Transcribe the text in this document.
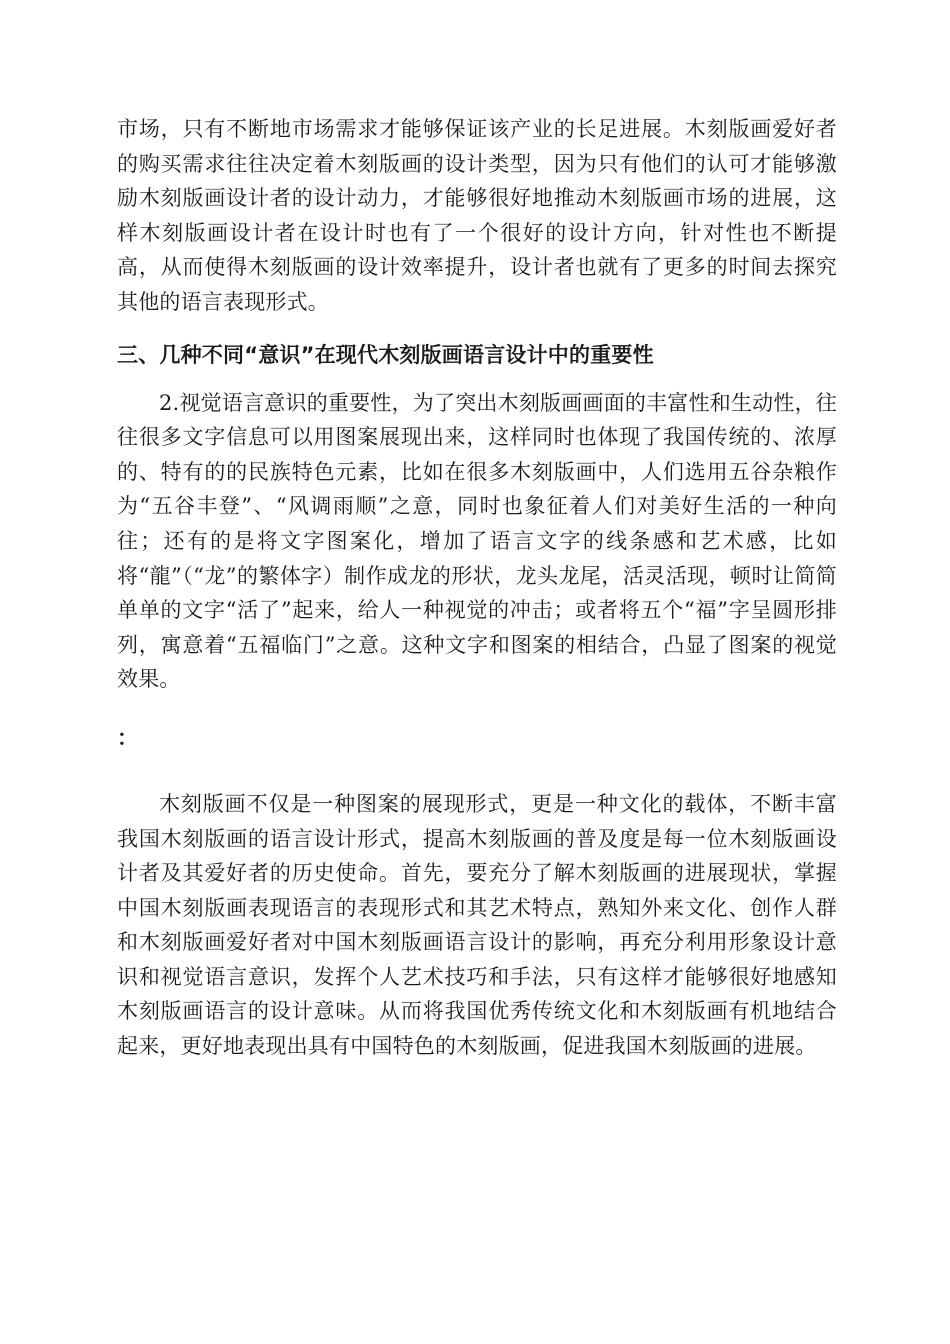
市场，只有不断地市场需求才能够保证该产业的长足进展。木刻版画爱好者的购买需求往往决定着木刻版画的设计类型，因为只有他们的认可才能够激励木刻版画设计者的设计动力，才能够很好地推动木刻版画市场的进展，这样木刻版画设计者在设计时也有了一个很好的设计方向，针对性也不断提高，从而使得木刻版画的设计效率提升，设计者也就有了更多的时间去探究其他的语言表现形式。

三、几种不同“意识”在现代木刻版画语言设计中的重要性

2.视觉语言意识的重要性，为了突出木刻版画画面的丰富性和生动性，往往很多文字信息可以用图案展现出来，这样同时也体现了我国传统的、浓厚的、特有的的民族特色元素，比如在很多木刻版画中，人们选用五谷杂粮作为“五谷丰登”、“风调雨顺”之意，同时也象征着人们对美好生活的一种向往；还有的是将文字图案化，增加了语言文字的线条感和艺术感，比如将“龍”（“龙”的繁体字）制作成龙的形状，龙头龙尾，活灵活现，顿时让简简单单的文字“活了”起来，给人一种视觉的冲击；或者将五个“福”字呈圆形排列，寓意着“五福临门”之意。这种文字和图案的相结合，凸显了图案的视觉效果。

：

木刻版画不仅是一种图案的展现形式，更是一种文化的载体，不断丰富我国木刻版画的语言设计形式，提高木刻版画的普及度是每一位木刻版画设计者及其爱好者的历史使命。首先，要充分了解木刻版画的进展现状，掌握中国木刻版画表现语言的表现形式和其艺术特点，熟知外来文化、创作人群和木刻版画爱好者对中国木刻版画语言设计的影响，再充分利用形象设计意识和视觉语言意识，发挥个人艺术技巧和手法，只有这样才能够很好地感知木刻版画语言的设计意味。从而将我国优秀传统文化和木刻版画有机地结合起来，更好地表现出具有中国特色的木刻版画，促进我国木刻版画的进展。
